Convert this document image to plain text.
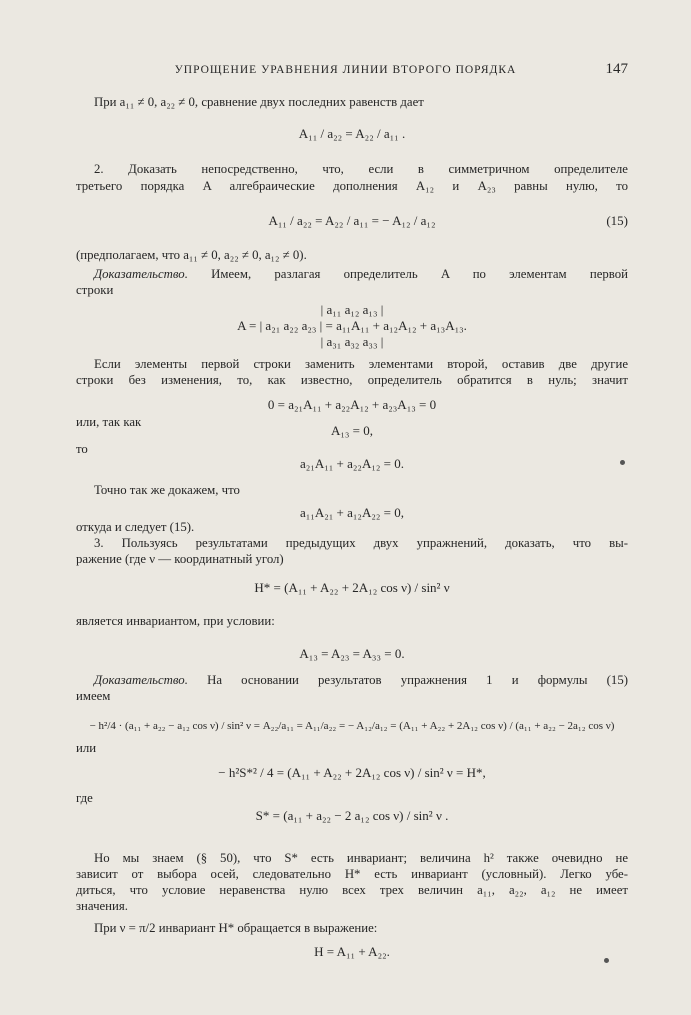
УПРОЩЕНИЕ УРАВНЕНИЯ ЛИНИИ ВТОРОГО ПОРЯДКА	147
При a₁₁ ≠ 0, a₂₂ ≠ 0, сравнение двух последних равенств дает
A₁₁ / a₂₂ = A₂₂ / a₁₁ .
2. Доказать непосредственно, что, если в симметричном определителе
третьего порядка A алгебраические дополнения A₁₂ и A₂₃ равны нулю, то
A₁₁ / a₂₂ = A₂₂ / a₁₁ = − A₁₂ / a₁₂	(15)
(предполагаем, что a₁₁ ≠ 0, a₂₂ ≠ 0, a₁₂ ≠ 0).
Доказательство. Имеем, разлагая определитель A по элементам первой
строки
| a₁₁ a₁₂ a₁₃ |
A = | a₂₁ a₂₂ a₂₃ | = a₁₁A₁₁ + a₁₂A₁₂ + a₁₃A₁₃.
| a₃₁ a₃₂ a₃₃ |
Если элементы первой строки заменить элементами второй, оставив две другие
строки без изменения, то, как известно, определитель обратится в нуль; значит
0 = a₂₁A₁₁ + a₂₂A₁₂ + a₂₃A₁₃ = 0
или, так как
A₁₃ = 0,
то
a₂₁A₁₁ + a₂₂A₁₂ = 0.
Точно так же докажем, что
a₁₁A₂₁ + a₁₂A₂₂ = 0,
откуда и следует (15).
3. Пользуясь результатами предыдущих двух упражнений, доказать, что вы-
ражение (где ν — координатный угол)
H* = (A₁₁ + A₂₂ + 2A₁₂ cos ν) / sin² ν
является инвариантом, при условии:
A₁₃ = A₂₃ = A₃₃ = 0.
Доказательство. На основании результатов упражнения 1 и формулы (15)
имеем
− h²/4 · (a₁₁ + a₂₂ − a₁₂ cos ν) / sin² ν = A₂₂/a₁₁ = A₁₁/a₂₂ = − A₁₂/a₁₂ = (A₁₁ + A₂₂ + 2A₁₂ cos ν) / (a₁₁ + a₂₂ − 2a₁₂ cos ν)
или
− h²S*² / 4 = (A₁₁ + A₂₂ + 2A₁₂ cos ν) / sin² ν = H*,
где
S* = (a₁₁ + a₂₂ − 2 a₁₂ cos ν) / sin² ν .
Но мы знаем (§ 50), что S* есть инвариант; величина h² также очевидно не
зависит от выбора осей, следовательно H* есть инвариант (условный). Легко убе-
диться, что условие неравенства нулю всех трех величин a₁₁, a₂₂, a₁₂ не имеет
значения.
При ν = π/2 инвариант H* обращается в выражение:
H = A₁₁ + A₂₂.
